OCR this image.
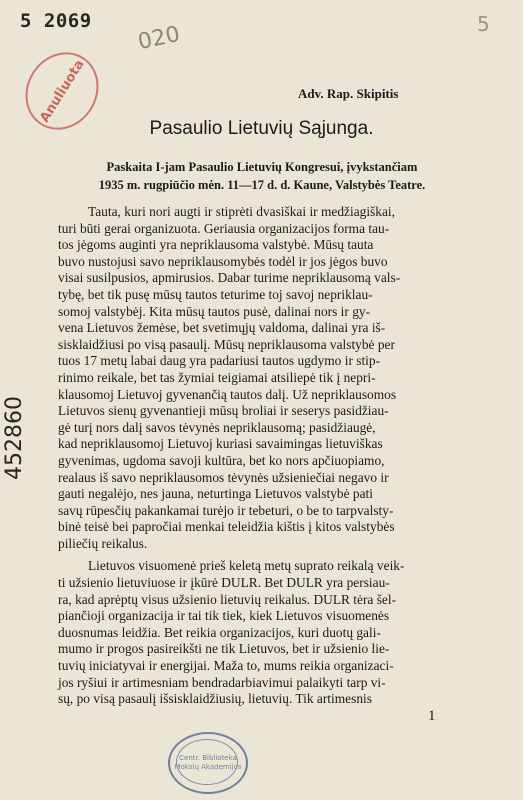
5 2069
020	5
452860
Anuliuota	Adv. Rap. Skipitis
Pasaulio Lietuvių Sąjunga.
Paskaita I-jam Pasaulio Lietuvių Kongresui, įvykstančiam
1935 m. rugpiūčio mėn. 11—17 d. d. Kaune, Valstybės Teatre.
Tauta, kuri nori augti ir stiprėti dvasiškai ir medžiagiškai,
turi būti gerai organizuota. Geriausia organizacijos forma tau-
tos jėgoms auginti yra nepriklausoma valstybė. Mūsų tauta
buvo nustojusi savo nepriklausomybės todėl ir jos jėgos buvo
visai susilpusios, apmirusios. Dabar turime nepriklausomą vals-
tybę, bet tik pusę mūsų tautos teturime toj savoj nepriklau-
somoj valstybėj. Kita mūsų tautos pusė, dalinai nors ir gy-
vena Lietuvos žemėse, bet svetimųjų valdoma, dalinai yra iš-
sisklaidžiusi po visą pasaulį. Mūsų nepriklausoma valstybė per
tuos 17 metų labai daug yra padariusi tautos ugdymo ir stip-
rinimo reikale, bet tas žymiai teigiamai atsiliepė tik į nepri-
klausomoj Lietuvoj gyvenančią tautos dalį. Už nepriklausomos
Lietuvos sienų gyvenantieji mūsų broliai ir seserys pasidžiau-
gė turį nors dalį savos tėvynės nepriklausomą; pasidžiaugė,
kad nepriklausomoj Lietuvoj kuriasi savaimingas lietuviškas
gyvenimas, ugdoma savoji kultūra, bet ko nors apčiuopiamo,
realaus iš savo nepriklausomos tėvynės užsieniečiai negavo ir
gauti negalėjo, nes jauna, neturtinga Lietuvos valstybė pati
savų rūpesčių pakankamai turėjo ir tebeturi, o be to tarpvalsty-
binė teisė bei papročiai menkai teleidžia kištis į kitos valstybės
piliečių reikalus.
Lietuvos visuomenė prieš keletą metų suprato reikalą veik-
ti užsienio lietuviuose ir įkūrė DULR. Bet DULR yra persiau-
ra, kad aprėptų visus užsienio lietuvių reikalus. DULR tėra šel-
piančioji organizacija ir tai tik tiek, kiek Lietuvos visuomenės
duosnumas leidžia. Bet reikia organizacijos, kuri duotų gali-
mumo ir progos pasireikšti ne tik Lietuvos, bet ir užsienio lie-
tuvių iniciatyvai ir energijai. Maža to, mums reikia organizaci-
jos ryšiui ir artimesniam bendradarbiavimui palaikyti tarp vi-
sų, po visą pasaulį išsisklaidžiusių, lietuvių. Tik artimesnis
1
Centr. Biblioteka
Mokslų Akademijos
